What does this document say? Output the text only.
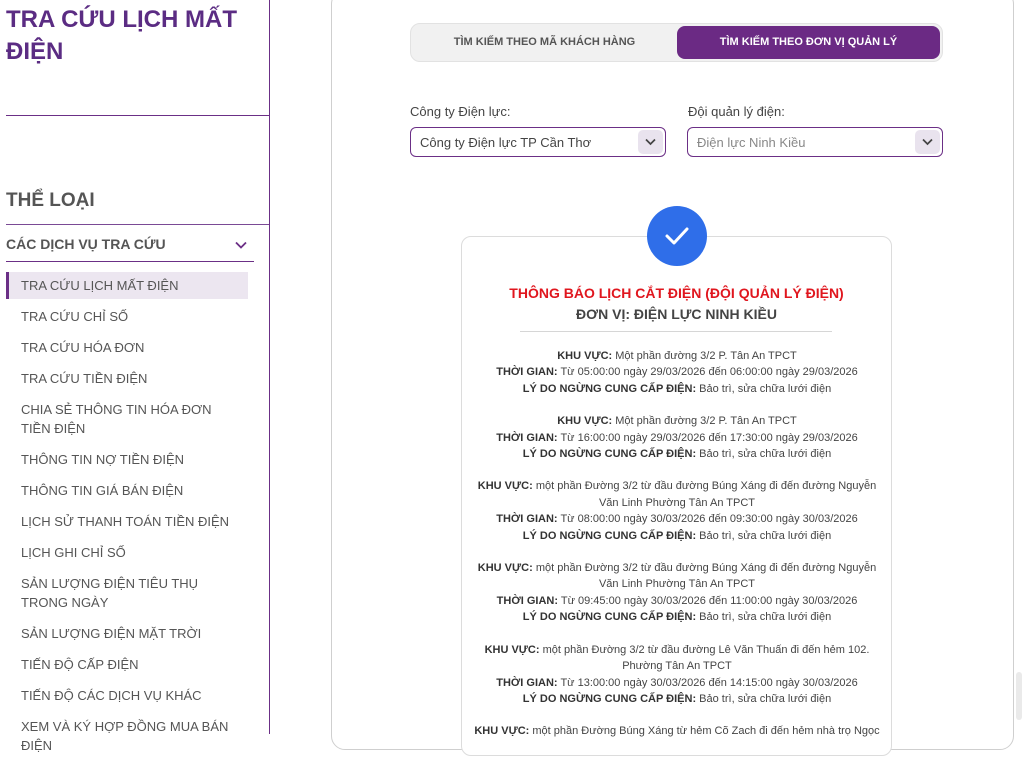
TRA CỨU LỊCH MẤT ĐIỆN
THỂ LOẠI
CÁC DỊCH VỤ TRA CỨU
TRA CỨU LỊCH MẤT ĐIỆN
TRA CỨU CHỈ SỐ
TRA CỨU HÓA ĐƠN
TRA CỨU TIỀN ĐIỆN
CHIA SẺ THÔNG TIN HÓA ĐƠN TIỀN ĐIỆN
THÔNG TIN NỢ TIỀN ĐIỆN
THÔNG TIN GIÁ BÁN ĐIỆN
LỊCH SỬ THANH TOÁN TIỀN ĐIỆN
LỊCH GHI CHỈ SỐ
SẢN LƯỢNG ĐIỆN TIÊU THỤ TRONG NGÀY
SẢN LƯỢNG ĐIỆN MẶT TRỜI
TIẾN ĐỘ CẤP ĐIỆN
TIẾN ĐỘ CÁC DỊCH VỤ KHÁC
XEM VÀ KÝ HỢP ĐỒNG MUA BÁN ĐIỆN
TÌM KIẾM THEO MÃ KHÁCH HÀNG	TÌM KIẾM THEO ĐƠN VỊ QUẢN LÝ
Công ty Điện lực:
Công ty Điện lực TP Cần Thơ
Đội quản lý điện:
Điện lực Ninh Kiều
THÔNG BÁO LỊCH CẮT ĐIỆN (ĐỘI QUẢN LÝ ĐIỆN)
ĐƠN VỊ: ĐIỆN LỰC NINH KIỀU
KHU VỰC: Một phần đường 3/2 P. Tân An TPCT
THỜI GIAN: Từ 05:00:00 ngày 29/03/2026 đến 06:00:00 ngày 29/03/2026
LÝ DO NGỪNG CUNG CẤP ĐIỆN: Bảo trì, sửa chữa lưới điện
KHU VỰC: Một phần đường 3/2 P. Tân An TPCT
THỜI GIAN: Từ 16:00:00 ngày 29/03/2026 đến 17:30:00 ngày 29/03/2026
LÝ DO NGỪNG CUNG CẤP ĐIỆN: Bảo trì, sửa chữa lưới điện
KHU VỰC: một phần Đường 3/2 từ đầu đường Búng Xáng đi đến đường Nguyễn Văn Linh Phường Tân An TPCT
THỜI GIAN: Từ 08:00:00 ngày 30/03/2026 đến 09:30:00 ngày 30/03/2026
LÝ DO NGỪNG CUNG CẤP ĐIỆN: Bảo trì, sửa chữa lưới điện
KHU VỰC: một phần Đường 3/2 từ đầu đường Búng Xáng đi đến đường Nguyễn Văn Linh Phường Tân An TPCT
THỜI GIAN: Từ 09:45:00 ngày 30/03/2026 đến 11:00:00 ngày 30/03/2026
LÝ DO NGỪNG CUNG CẤP ĐIỆN: Bảo trì, sửa chữa lưới điện
KHU VỰC: một phần Đường 3/2 từ đầu đường Lê Văn Thuấn đi đến hẻm 102. Phường Tân An TPCT
THỜI GIAN: Từ 13:00:00 ngày 30/03/2026 đến 14:15:00 ngày 30/03/2026
LÝ DO NGỪNG CUNG CẤP ĐIỆN: Bảo trì, sửa chữa lưới điện
KHU VỰC: một phần Đường Búng Xáng từ hẻm Cõ Zach đi đến hẻm nhà trọ Ngọc
